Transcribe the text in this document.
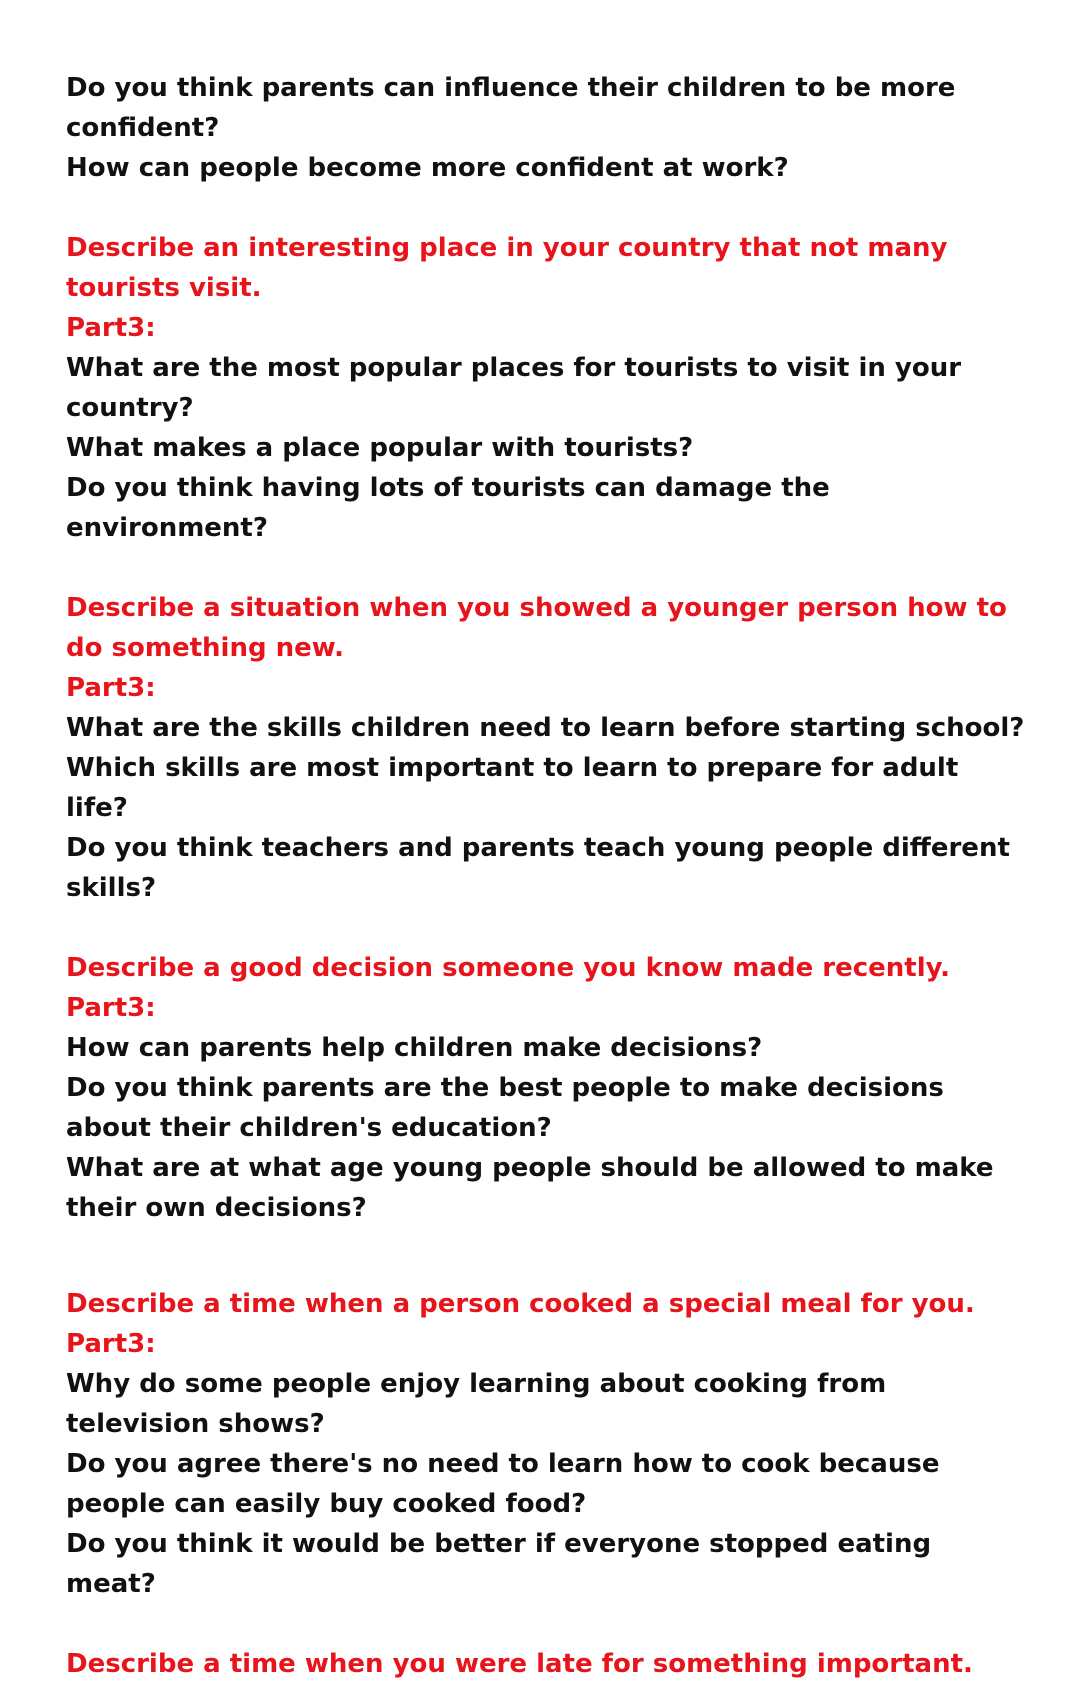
Do you think parents can influence their children to be more confident?
How can people become more confident at work?
Describe an interesting place in your country that not many tourists visit.
Part3:
What are the most popular places for tourists to visit in your country?
What makes a place popular with tourists?
Do you think having lots of tourists can damage the environment?
Describe a situation when you showed a younger person how to do something new.
Part3:
What are the skills children need to learn before starting school?
Which skills are most important to learn to prepare for adult life?
Do you think teachers and parents teach young people different skills?
Describe a good decision someone you know made recently.
Part3:
How can parents help children make decisions?
Do you think parents are the best people to make decisions about their children's education?
What are at what age young people should be allowed to make their own decisions?
Describe a time when a person cooked a special meal for you.
Part3:
Why do some people enjoy learning about cooking from television shows?
Do you agree there's no need to learn how to cook because people can easily buy cooked food?
Do you think it would be better if everyone stopped eating meat?
Describe a time when you were late for something important.
